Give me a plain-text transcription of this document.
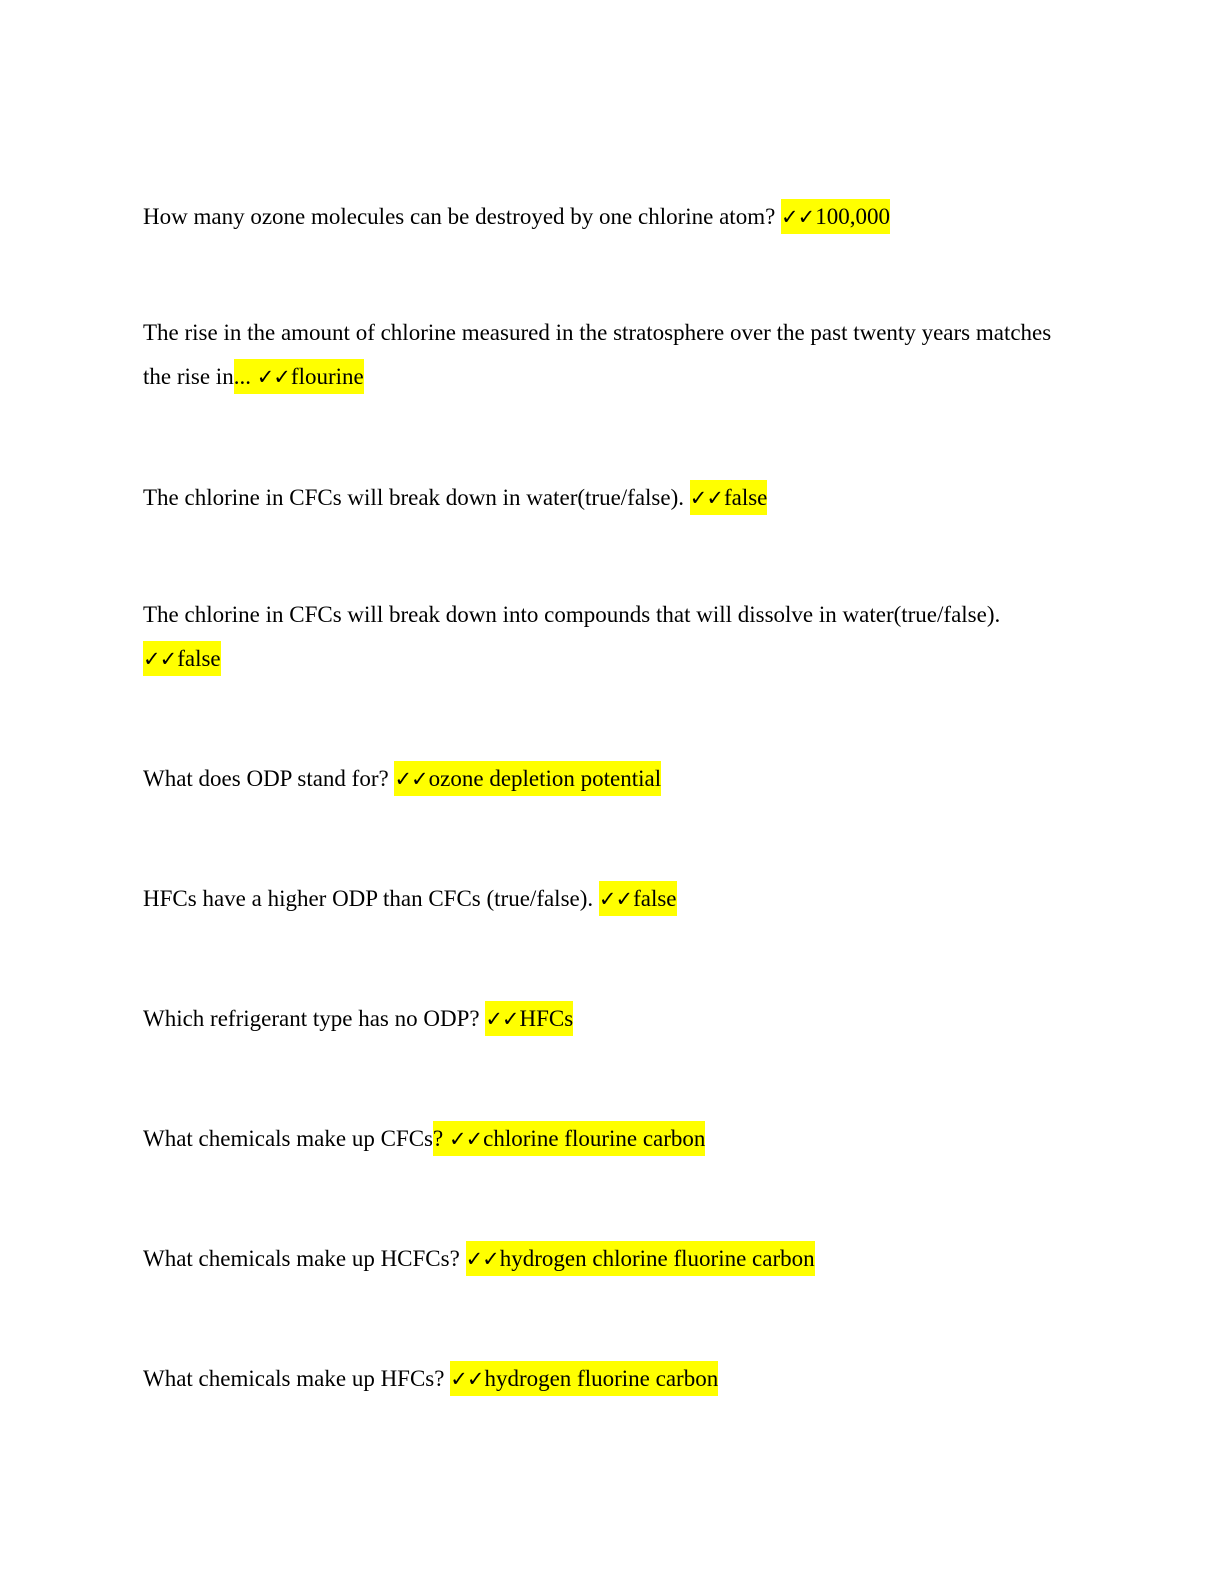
How many ozone molecules can be destroyed by one chlorine atom? ✓✓100,000
The rise in the amount of chlorine measured in the stratosphere over the past twenty years matches the rise in... ✓✓flourine
The chlorine in CFCs will break down in water(true/false). ✓✓false
The chlorine in CFCs will break down into compounds that will dissolve in water(true/false).
✓✓false
What does ODP stand for? ✓✓ozone depletion potential
HFCs have a higher ODP than CFCs (true/false). ✓✓false
Which refrigerant type has no ODP? ✓✓HFCs
What chemicals make up CFCs? ✓✓chlorine flourine carbon
What chemicals make up HCFCs? ✓✓hydrogen chlorine fluorine carbon
What chemicals make up HFCs? ✓✓hydrogen fluorine carbon
